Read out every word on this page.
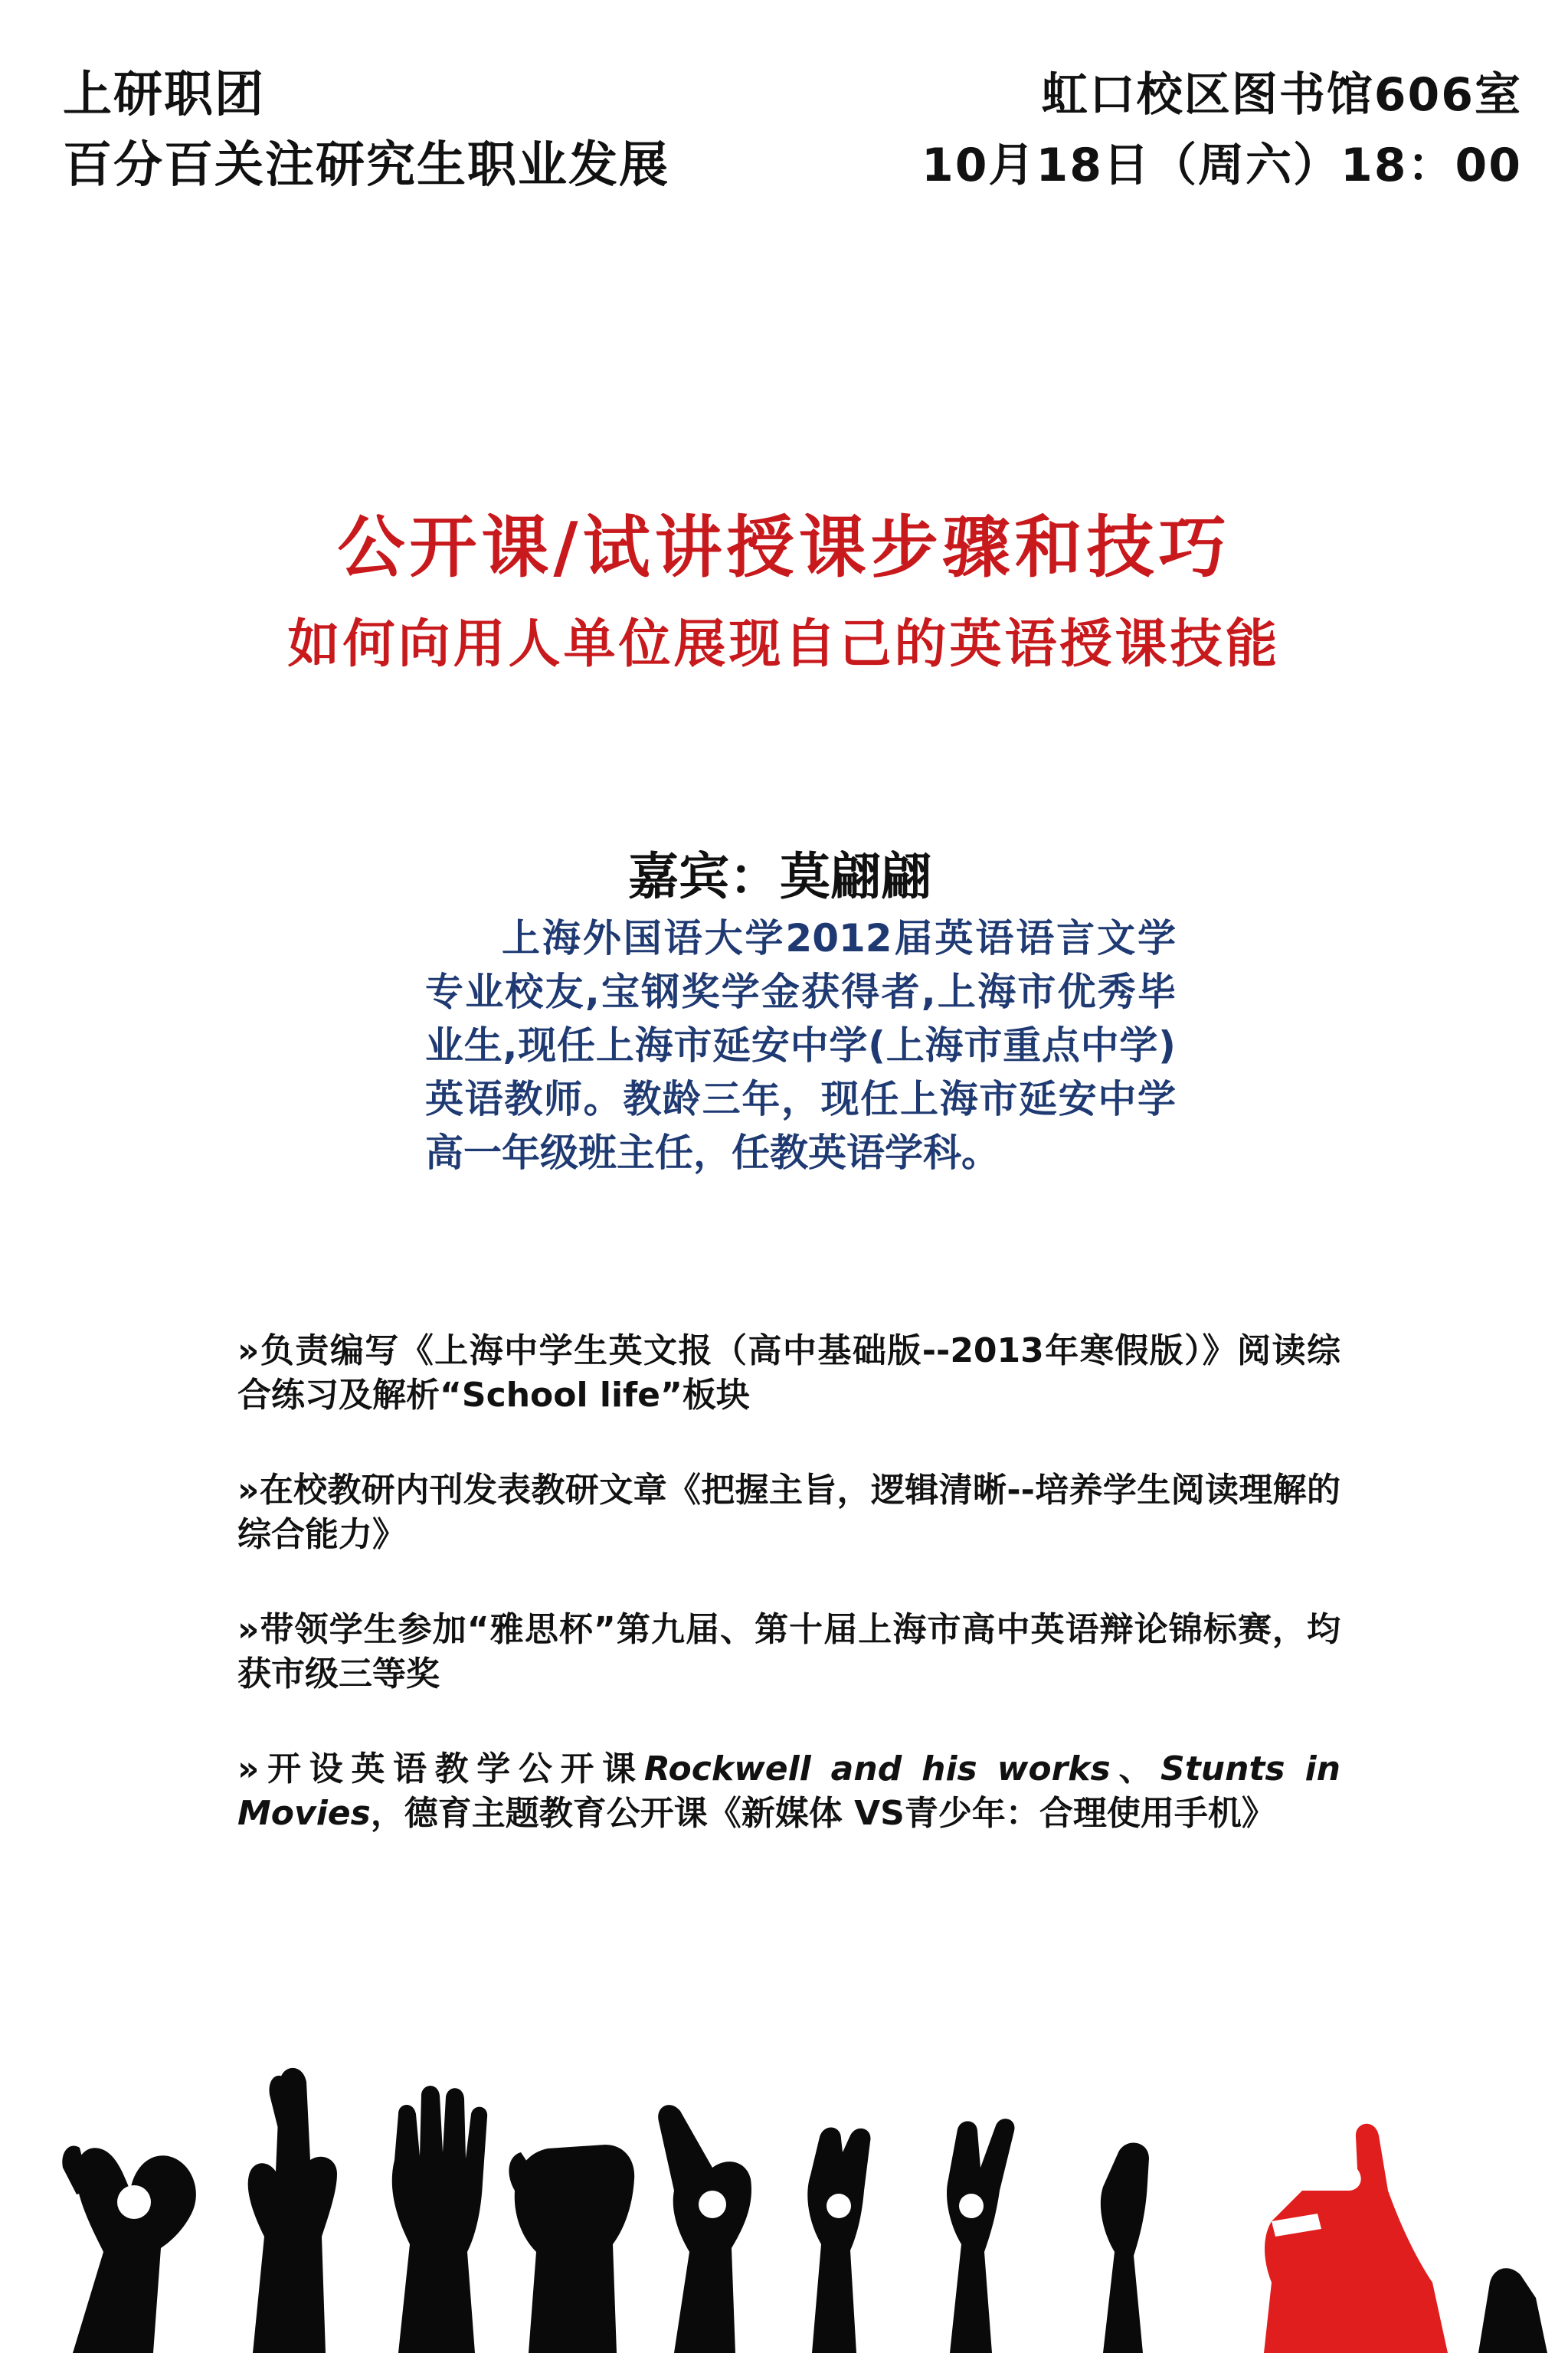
上研职团
百分百关注研究生职业发展
虹口校区图书馆606室
10月18日（周六）18：00
公开课/试讲授课步骤和技巧
如何向用人单位展现自己的英语授课技能
嘉宾：莫翩翩
上海外国语大学2012届英语语言文学专业校友,宝钢奖学金获得者,上海市优秀毕业生,现任上海市延安中学(上海市重点中学)英语教师。教龄三年，现任上海市延安中学高一年级班主任，任教英语学科。
»负责编写《上海中学生英文报（高中基础版--2013年寒假版）》阅读综合练习及解析“School life”板块
»在校教研内刊发表教研文章《把握主旨，逻辑清晰--培养学生阅读理解的综合能力》
»带领学生参加“雅思杯”第九届、第十届上海市高中英语辩论锦标赛，均获市级三等奖
»开设英语教学公开课Rockwell and his works、Stunts in Movies，德育主题教育公开课《新媒体 VS青少年：合理使用手机》
